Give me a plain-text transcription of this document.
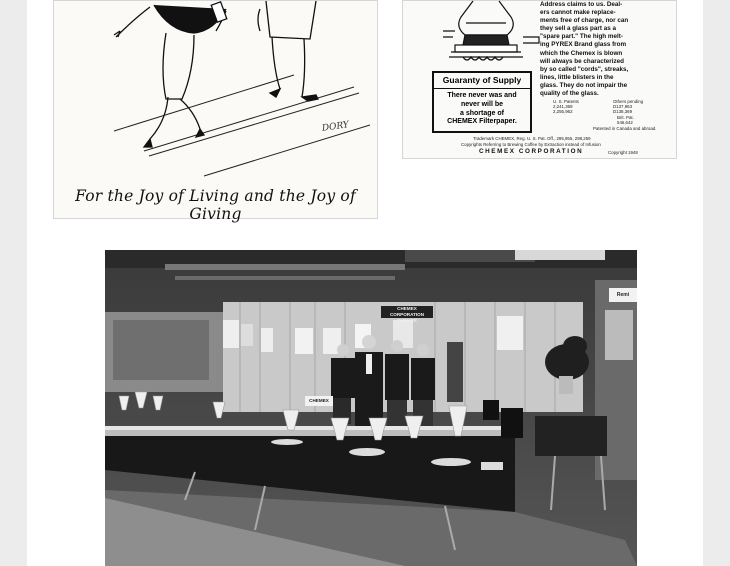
DORY
For the Joy of Living and the Joy of Giving
Address claims to us. Deal-
ers cannot make replace-
ments free of charge, nor can
they sell a glass part as a
"spare part." The high melt-
ing PYREX Brand glass from
which the Chemex is blown
will always be characterized
by so called "cords", streaks,
lines, little blisters in the
glass. They do not impair the
quality of the glass.
Guaranty of Supply
There never was and
never will be
a shortage of
CHEMEX Filterpaper.
U. S. Patents
2,241,368
2,255,962
Others pending
D137,963
D138,369
Brit. Pat.
546,642
Patented in Canada and abroad.
Trademark CHEMEX, Reg. U. S. Pat. Off., 295,955, 298,259
Copyrights Referring to Brewing Coffee by Extraction instead of Infusion
CHEMEX CORPORATION	Copyright 1948
CHEMEX CORPORATION
CHEMEX
Remi
CHEMEX
